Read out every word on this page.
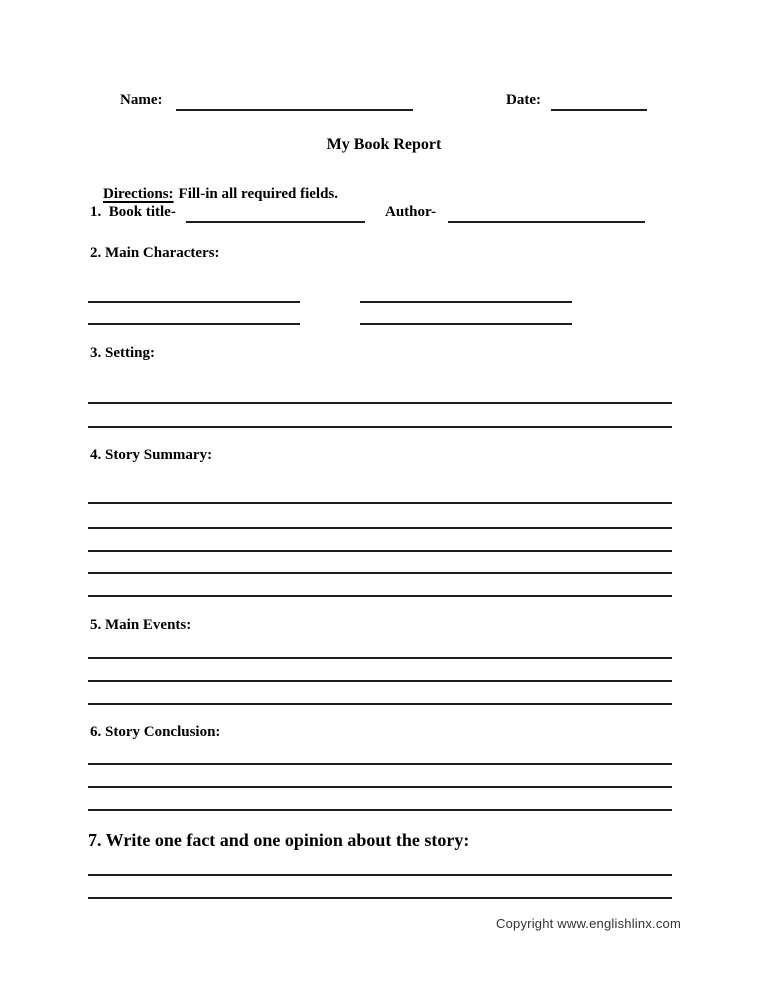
Name:	Date:
My Book Report

Directions: Fill-in all required fields.

1.  Book title-	Author-
2. Main Characters:
3. Setting:
4. Story Summary:
5. Main Events:
6. Story Conclusion:
7. Write one fact and one opinion about the story:
Copyright www.englishlinx.com
